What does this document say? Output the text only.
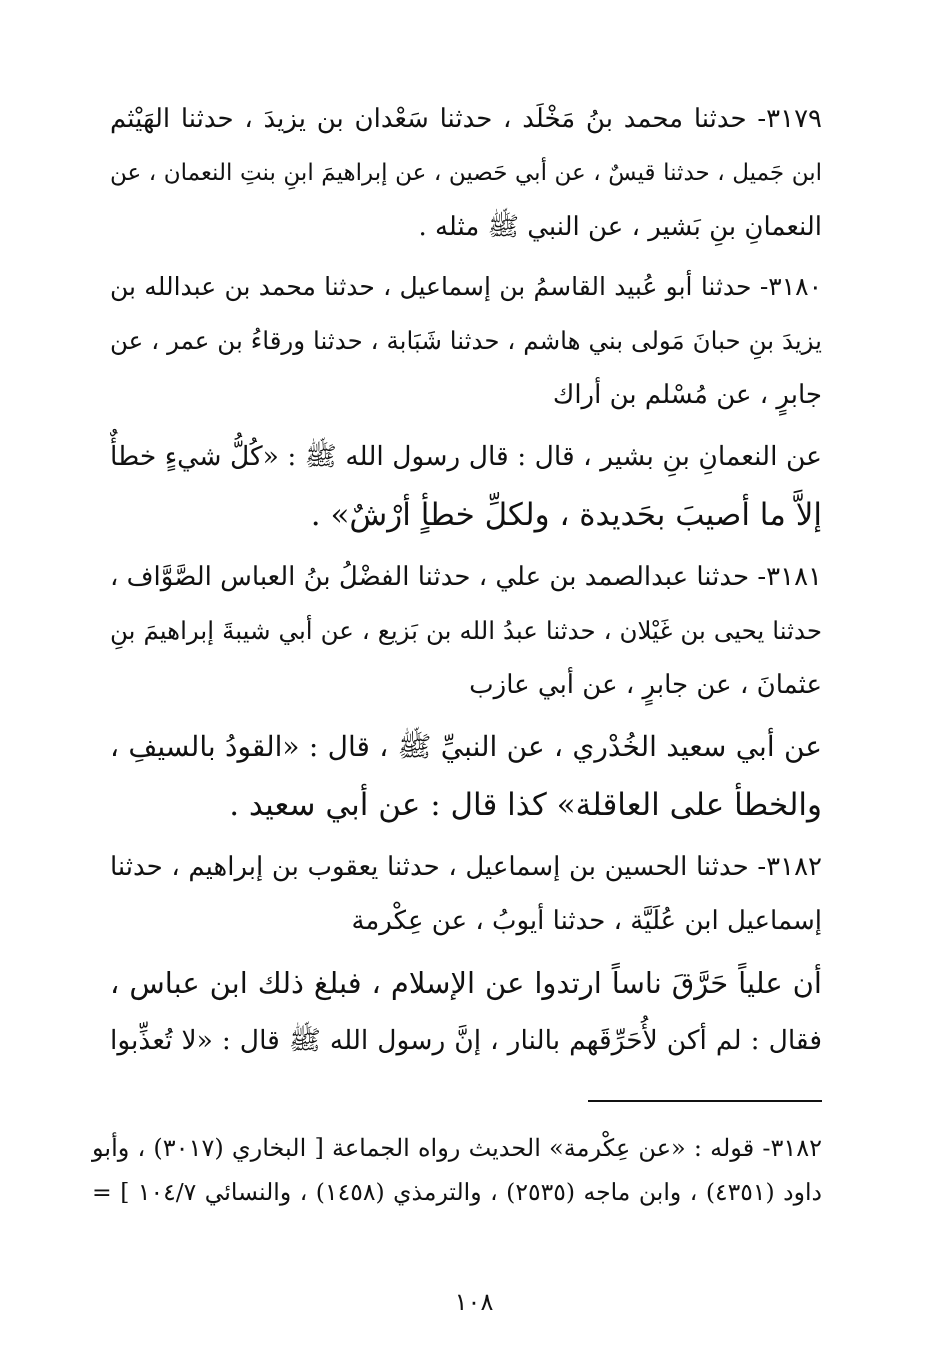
٣١٧٩- حدثنا محمد بنُ مَخْلَد ، حدثنا سَعْدان بن يزيدَ ، حدثنا الهَيْثم
ابن جَميل ، حدثنا قيسٌ ، عن أبي حَصين ، عن إبراهيمَ ابنِ بنتِ النعمان ، عن
النعمانِ بنِ بَشير ، عن النبي ﷺ مثله .
٣١٨٠- حدثنا أبو عُبيد القاسمُ بن إسماعيل ، حدثنا محمد بن عبدالله بن
يزيدَ بنِ حبانَ مَولى بني هاشم ، حدثنا شَبَابة ، حدثنا ورقاءُ بن عمر ، عن
جابرٍ ، عن مُسْلم بن أراك
عن النعمانِ بنِ بشير ، قال : قال رسول الله ﷺ : «كُلُّ شيءٍ خطأٌ
إلاَّ ما أصيبَ بحَديدة ، ولكلِّ خطأٍ أرْشٌ» .
٣١٨١- حدثنا عبدالصمد بن علي ، حدثنا الفضْلُ بنُ العباس الصَّوَّاف ،
حدثنا يحيى بن غَيْلان ، حدثنا عبدُ الله بن بَزيع ، عن أبي شيبةَ إبراهيمَ بنِ
عثمانَ ، عن جابرٍ ، عن أبي عازب
عن أبي سعيد الخُدْري ، عن النبيِّ ﷺ ، قال : «القودُ بالسيفِ ،
والخطأ على العاقلة» كذا قال : عن أبي سعيد .
٣١٨٢- حدثنا الحسين بن إسماعيل ، حدثنا يعقوب بن إبراهيم ، حدثنا
إسماعيل ابن عُلَيَّة ، حدثنا أيوبُ ، عن عِكْرمة
أن علياً حَرَّقَ ناساً ارتدوا عن الإسلام ، فبلغ ذلك ابن عباس ،
فقال : لم أكن لأُحَرِّقَهم بالنار ، إنَّ رسول الله ﷺ قال : «لا تُعذِّبوا
٣١٨٢- قوله : «عن عِكْرمة» الحديث رواه الجماعة [ البخاري (٣٠١٧) ، وأبو
داود (٤٣٥١) ، وابن ماجه (٢٥٣٥) ، والترمذي (١٤٥٨) ، والنسائي ١٠٤/٧ ] =
١٠٨
